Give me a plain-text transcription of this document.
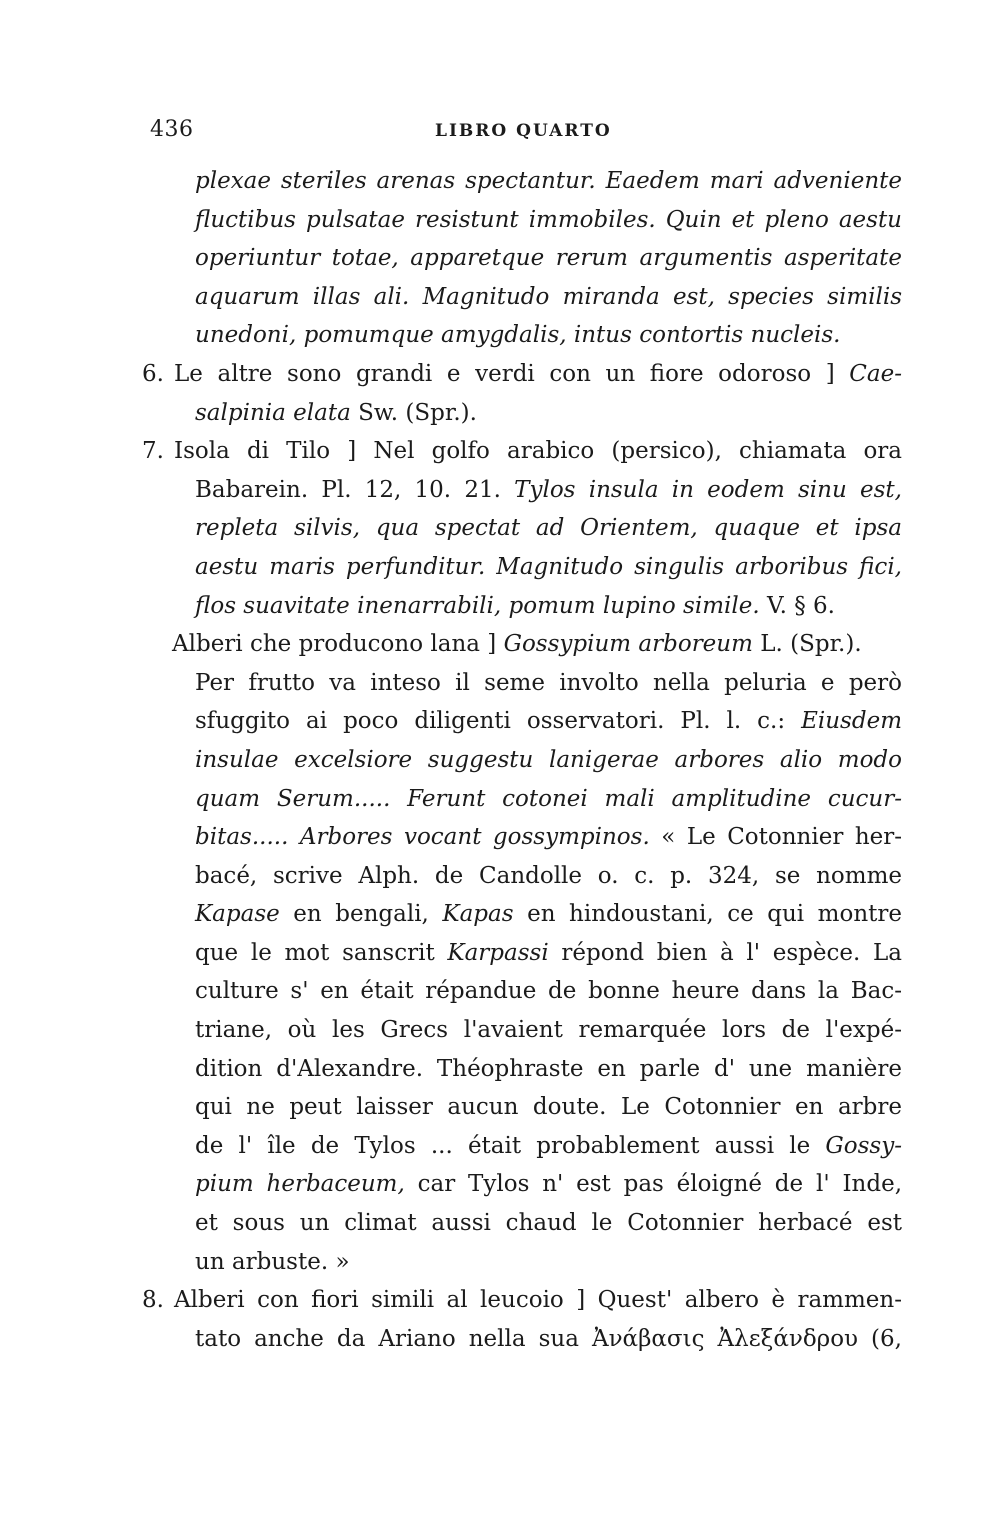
436	LIBRO QUARTO
plexae steriles arenas spectantur. Eaedem mari adveniente
fluctibus pulsatae resistunt immobiles. Quin et pleno aestu
operiuntur totae, apparetque rerum argumentis asperitate
aquarum illas ali. Magnitudo miranda est, species similis
unedoni, pomumque amygdalis, intus contortis nucleis.
6. Le altre sono grandi e verdi con un fiore odoroso ] Cae-
salpinia elata Sw. (Spr.).
7. Isola di Tilo ] Nel golfo arabico (persico), chiamata ora
Babarein. Pl. 12, 10. 21. Tylos insula in eodem sinu est,
repleta silvis, qua spectat ad Orientem, quaque et ipsa
aestu maris perfunditur. Magnitudo singulis arboribus fici,
flos suavitate inenarrabili, pomum lupino simile. V. § 6.
Alberi che producono lana ] Gossypium arboreum L. (Spr.).
Per frutto va inteso il seme involto nella peluria e però
sfuggito ai poco diligenti osservatori. Pl. l. c.: Eiusdem
insulae excelsiore suggestu lanigerae arbores alio modo
quam Serum..... Ferunt cotonei mali amplitudine cucur-
bitas..... Arbores vocant gossympinos. « Le Cotonnier her-
bacé, scrive Alph. de Candolle o. c. p. 324, se nomme
Kapase en bengali, Kapas en hindoustani, ce qui montre
que le mot sanscrit Karpassi répond bien à l' espèce. La
culture s' en était répandue de bonne heure dans la Bac-
triane, où les Grecs l'avaient remarquée lors de l'expé-
dition d'Alexandre. Théophraste en parle d' une manière
qui ne peut laisser aucun doute. Le Cotonnier en arbre
de l' île de Tylos ... était probablement aussi le Gossy-
pium herbaceum, car Tylos n' est pas éloigné de l' Inde,
et sous un climat aussi chaud le Cotonnier herbacé est
un arbuste. »
8. Alberi con fiori simili al leucoio ] Quest' albero è rammen-
tato anche da Ariano nella sua Ἀνάβασις Ἀλεξάνδρου (6,
